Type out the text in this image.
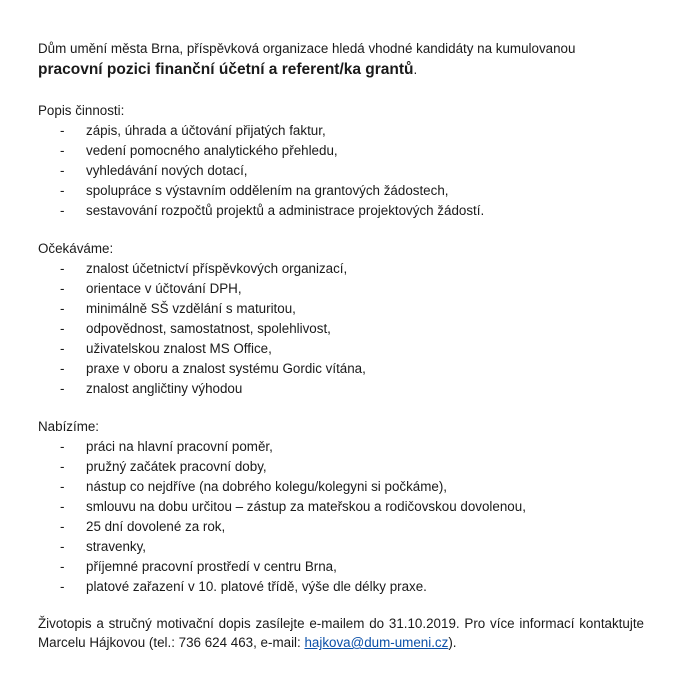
Dům umění města Brna, příspěvková organizace hledá vhodné kandidáty na kumulovanou
pracovní pozici finanční účetní a referent/ka grantů.

Popis činnosti:

- zápis, úhrada a účtování přijatých faktur,
- vedení pomocného analytického přehledu,
- vyhledávání nových dotací,
- spolupráce s výstavním oddělením na grantových žádostech,
- sestavování rozpočtů projektů a administrace projektových žádostí.

Očekáváme:

- znalost účetnictví příspěvkových organizací,
- orientace v účtování DPH,
- minimálně SŠ vzdělání s maturitou,
- odpovědnost, samostatnost, spolehlivost,
- uživatelskou znalost MS Office,
- praxe v oboru a znalost systému Gordic vítána,
- znalost angličtiny výhodou

Nabízíme:

- práci na hlavní pracovní poměr,
- pružný začátek pracovní doby,
- nástup co nejdříve (na dobrého kolegu/kolegyni si počkáme),
- smlouvu na dobu určitou – zástup za mateřskou a rodičovskou dovolenou,
- 25 dní dovolené za rok,
- stravenky,
- příjemné pracovní prostředí v centru Brna,
- platové zařazení v 10. platové třídě, výše dle délky praxe.

Životopis a stručný motivační dopis zasílejte e-mailem do 31.10.2019. Pro více informací kontaktujte Marcelu Hájkovou (tel.: 736 624 463, e-mail: hajkova@dum-umeni.cz).
